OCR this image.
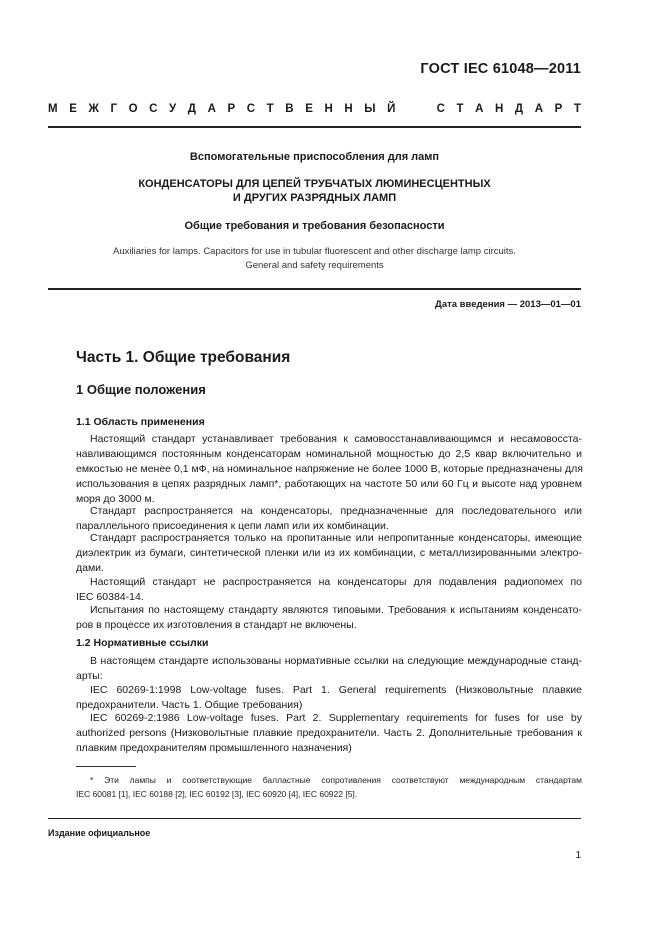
ГОСТ IEC 61048—2011
М Е Ж Г О С У Д А Р С Т В Е Н Н Ы Й

	С Т А Н Д А Р Т
Вспомогательные приспособления для ламп
КОНДЕНСАТОРЫ ДЛЯ ЦЕПЕЙ ТРУБЧАТЫХ ЛЮМИНЕСЦЕНТНЫХ
И ДРУГИХ РАЗРЯДНЫХ ЛАМП
Общие требования и требования безопасности
Auxiliaries for lamps. Capacitors for use in tubular fluorescent and other discharge lamp circuits.
General and safety requirements
Дата введения — 2013—01—01
Часть 1. Общие требования
1 Общие положения
1.1 Область применения
Настоящий стандарт устанавливает требования к самовосстанавливающимся и несамовосста-
навливающимся постоянным конденсаторам номинальной мощностью до 2,5 квар включительно и
емкостью не менее 0,1 мФ, на номинальное напряжение не более 1000 В, которые предназначены для
использования в цепях разрядных ламп*, работающих на частоте 50 или 60 Гц и высоте над уровнем
моря до 3000 м.
Стандарт распространяется на конденсаторы, предназначенные для последовательного или
параллельного присоединения к цепи ламп или их комбинации.
Стандарт распространяется только на пропитанные или непропитанные конденсаторы, имеющие
диэлектрик из бумаги, синтетической пленки или из их комбинации, с металлизированными электро-
дами.
Настоящий стандарт не распространяется на конденсаторы для подавления радиопомех по
IEC 60384-14.
Испытания по настоящему стандарту являются типовыми. Требования к испытаниям конденсато-
ров в процессе их изготовления в стандарт не включены.
1.2 Нормативные ссылки
В настоящем стандарте использованы нормативные ссылки на следующие международные станд-
арты:
IEC 60269-1:1998 Low-voltage fuses. Part 1. General requirements (Низковольтные плавкие
предохранители. Часть 1. Общие требования)
IEC 60269-2:1986 Low-voltage fuses. Part 2. Supplementary requirements for fuses for use by
authorized persons (Низковольтные плавкие предохранители. Часть 2. Дополнительные требования к
плавким предохранителям промышленного назначения)
* Эти лампы и соответствующие балластные сопротивления соответствуют международным стандартам
IEC 60081 [1], IEC 60188 [2], IEC 60192 [3], IEC 60920 [4], IEC 60922 [5].
Издание официальное
1
